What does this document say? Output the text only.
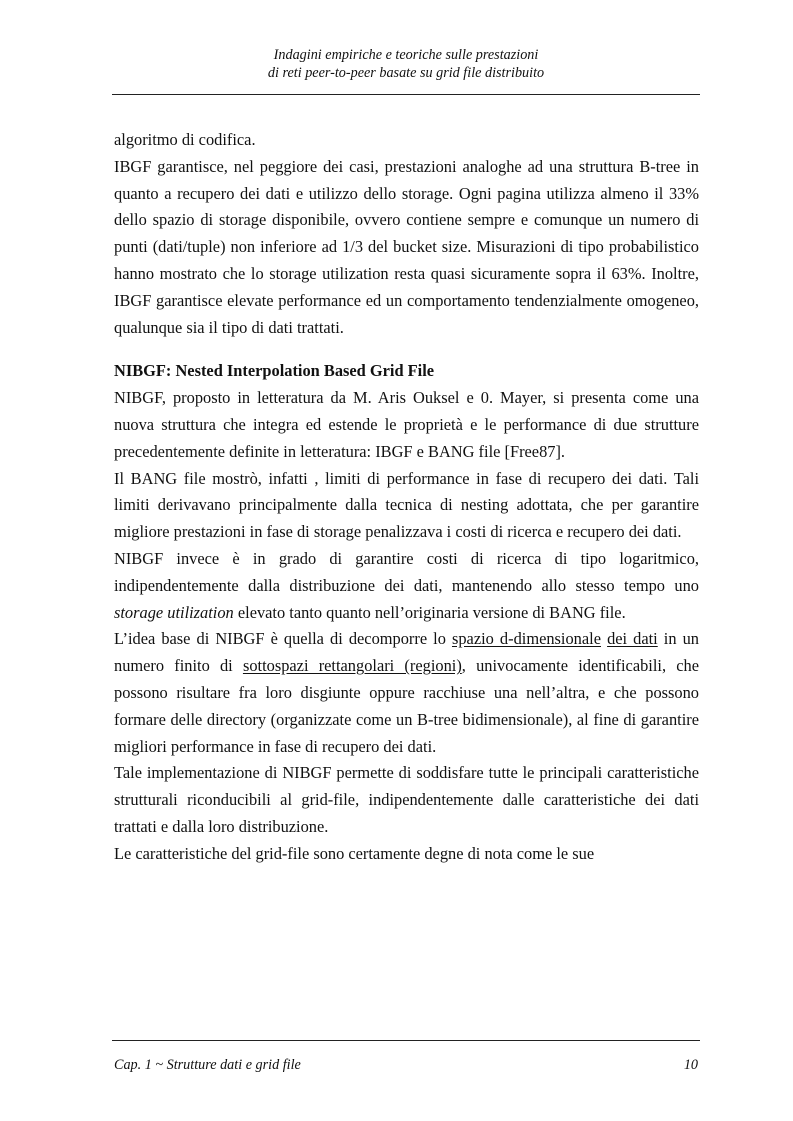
Indagini empiriche e teoriche sulle prestazioni
di reti peer-to-peer basate su grid file distribuito

algoritmo di codifica.

IBGF garantisce, nel peggiore dei casi, prestazioni analoghe ad una struttura B-tree in quanto a recupero dei dati e utilizzo dello storage. Ogni pagina utilizza almeno il 33% dello spazio di storage disponibile, ovvero contiene sempre e comunque un numero di punti (dati/tuple) non inferiore ad 1/3 del bucket size. Misurazioni di tipo probabilistico hanno mostrato che lo storage utilization resta quasi sicuramente sopra il 63%. Inoltre, IBGF garantisce elevate performance ed un comportamento tendenzialmente omogeneo, qualunque sia il tipo di dati trattati.

NIBGF: Nested Interpolation Based Grid File

NIBGF, proposto in letteratura da M. Aris Ouksel e 0. Mayer, si presenta come una nuova struttura che integra ed estende le proprietà e le performance di due strutture precedentemente definite in letteratura: IBGF e BANG file [Free87].

Il BANG file mostrò, infatti , limiti di performance in fase di recupero dei dati. Tali limiti derivavano principalmente dalla tecnica di nesting adottata, che per garantire migliore prestazioni in fase di storage penalizzava i costi di ricerca e recupero dei dati.

NIBGF invece è in grado di garantire costi di ricerca di tipo logaritmico, indipendentemente dalla distribuzione dei dati, mantenendo allo stesso tempo uno storage utilization elevato tanto quanto nell’originaria versione di BANG file.

L’idea base di NIBGF è quella di decomporre lo spazio d-dimensionale dei dati in un numero finito di sottospazi rettangolari (regioni), univocamente identificabili, che possono risultare fra loro disgiunte oppure racchiuse una nell’altra, e che possono formare delle directory (organizzate come un B-tree bidimensionale), al fine di garantire migliori performance in fase di recupero dei dati.

Tale implementazione di NIBGF permette di soddisfare tutte le principali caratteristiche strutturali riconducibili al grid-file, indipendentemente dalle caratteristiche dei dati trattati e dalla loro distribuzione.

Le caratteristiche del grid-file sono certamente degne di nota come le sue

Cap. 1 ~ Strutture dati e grid file	10
